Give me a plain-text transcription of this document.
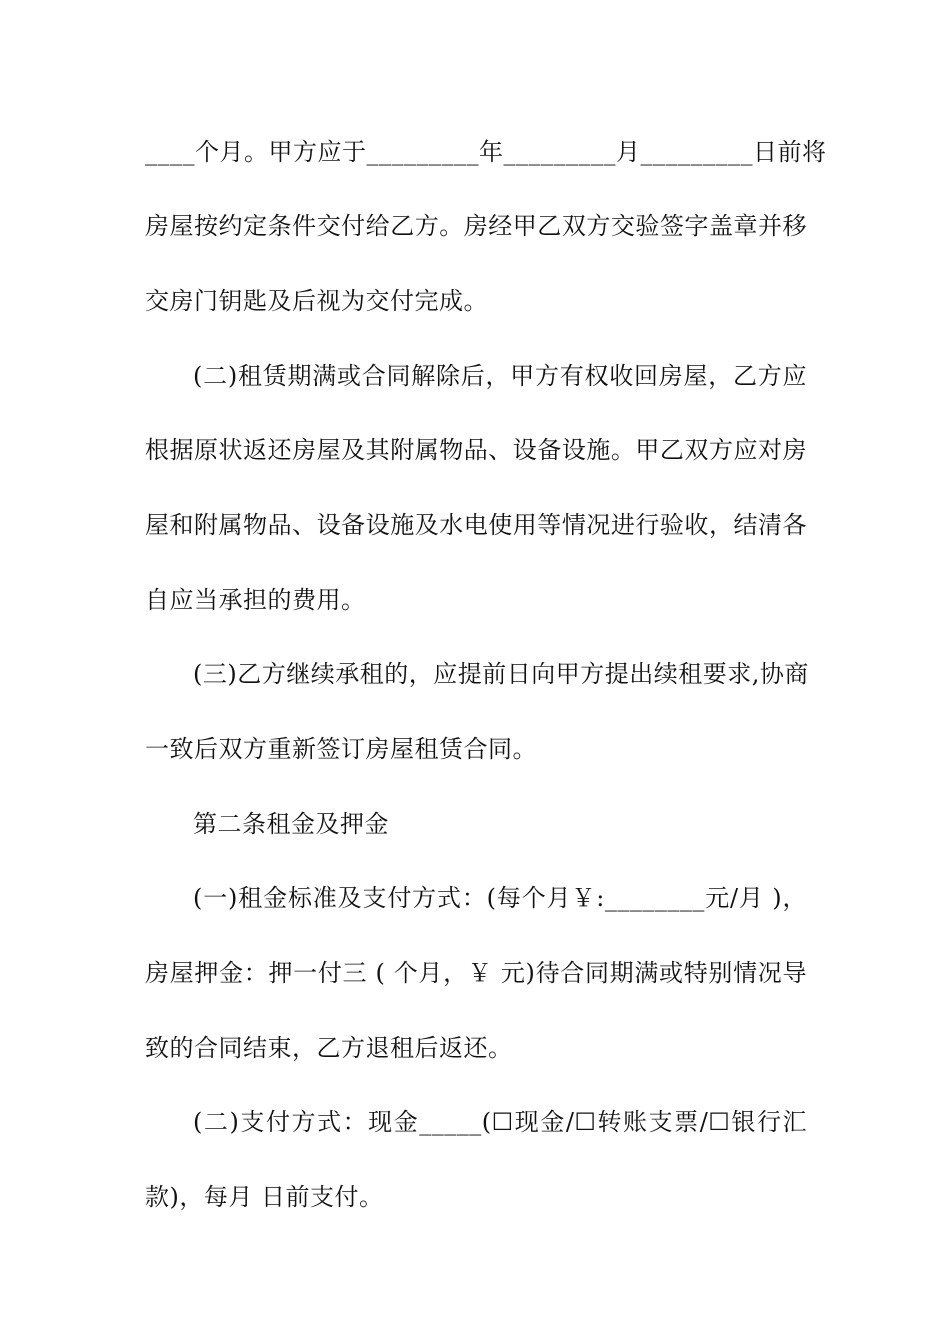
____个月。甲方应于_________年_________月_________日前将
房屋按约定条件交付给乙方。房经甲乙双方交验签字盖章并移
交房门钥匙及后视为交付完成。
(二)租赁期满或合同解除后，甲方有权收回房屋，乙方应
根据原状返还房屋及其附属物品、设备设施。甲乙双方应对房
屋和附属物品、设备设施及水电使用等情况进行验收，结清各
自应当承担的费用。
(三)乙方继续承租的，应提前日向甲方提出续租要求,协商
一致后双方重新签订房屋租赁合同。
第二条租金及押金
(一)租金标准及支付方式：(每个月￥:________元/月 )，
房屋押金：押一付三 ( 个月，￥ 元)待合同期满或特别情况导
致的合同结束，乙方退租后返还。
(二)支付方式：现金_____(☐现金/☐转账支票/☐银行汇
款)，每月 日前支付。
